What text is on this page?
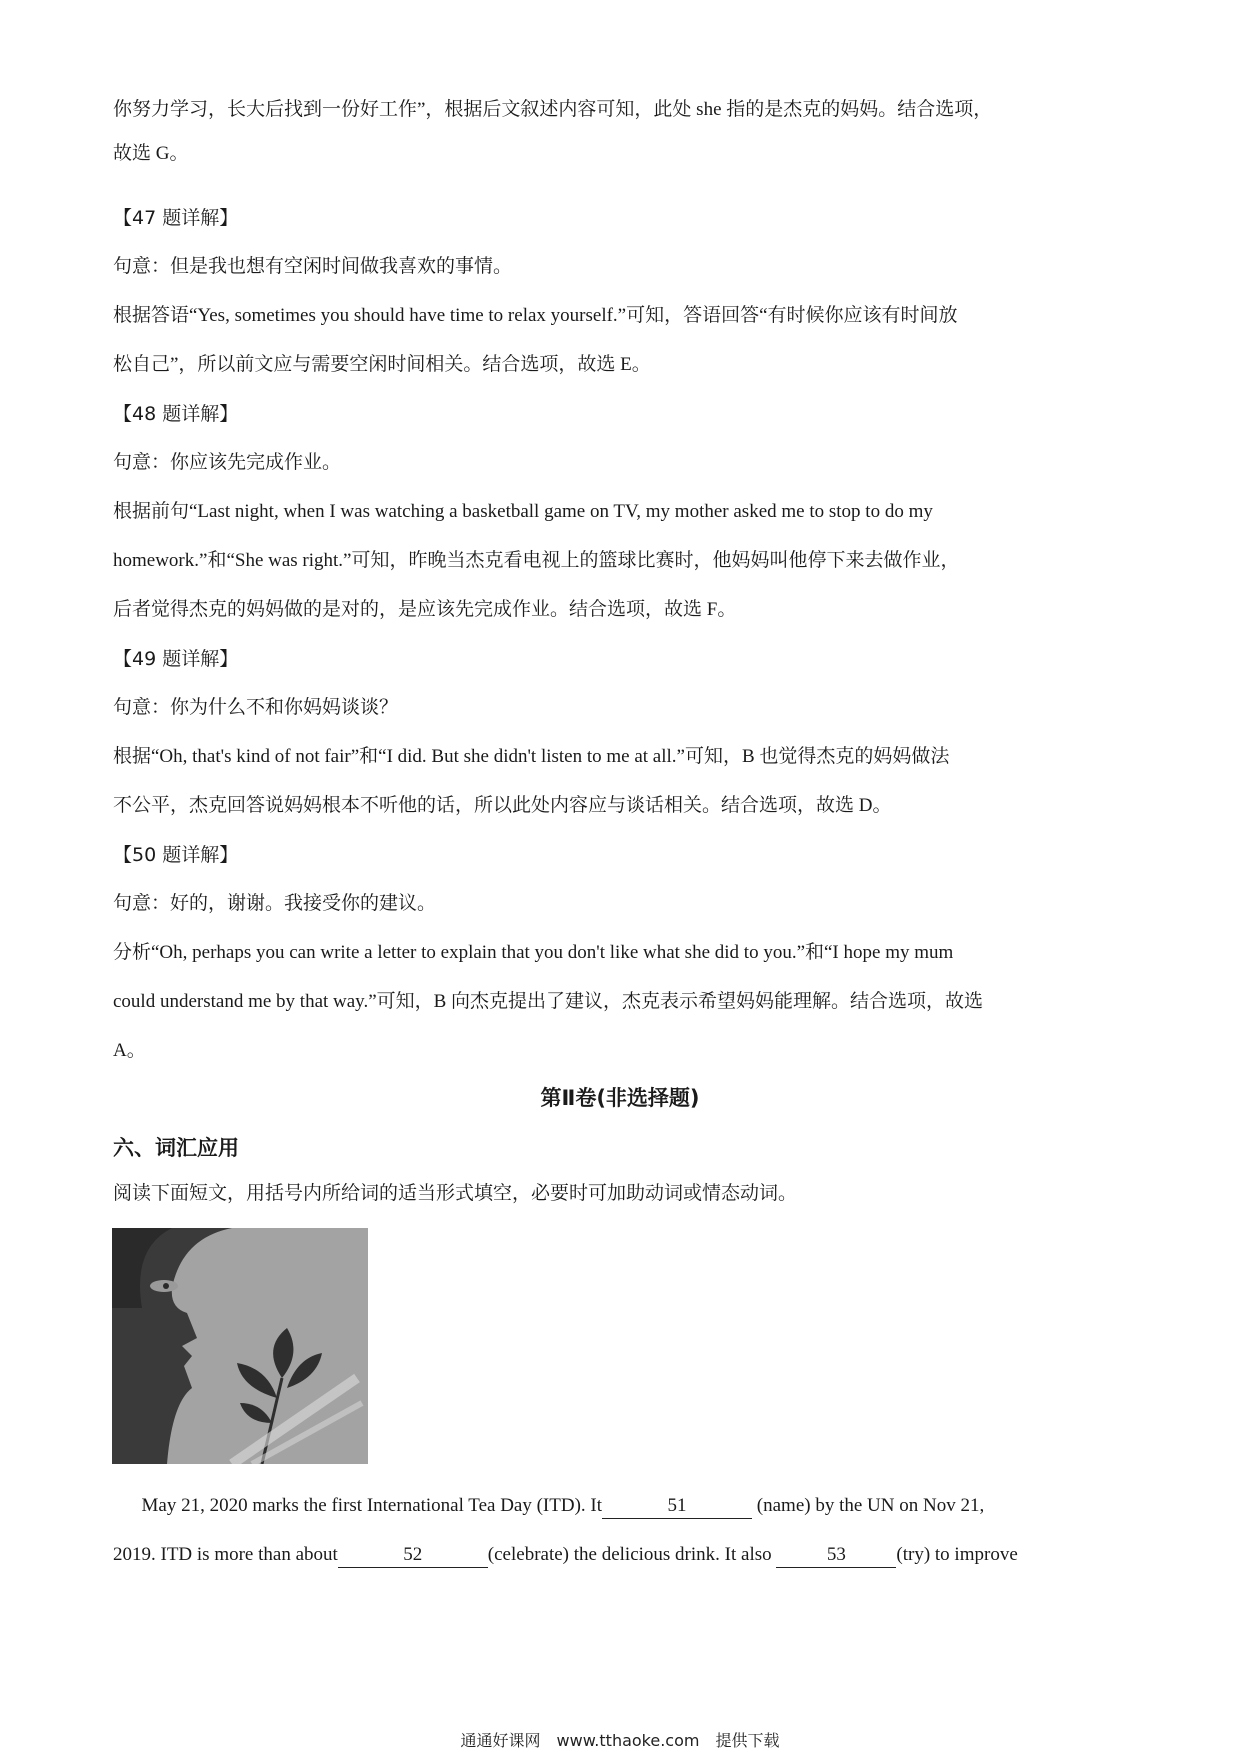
你努力学习，长大后找到一份好工作”，根据后文叙述内容可知，此处 she 指的是杰克的妈妈。结合选项，
故选 G。
【47 题详解】
句意：但是我也想有空闲时间做我喜欢的事情。
根据答语“Yes, sometimes you should have time to relax yourself.”可知，答语回答“有时候你应该有时间放
松自己”，所以前文应与需要空闲时间相关。结合选项，故选 E。
【48 题详解】
句意：你应该先完成作业。
根据前句“Last night, when I was watching a basketball game on TV, my mother asked me to stop to do my
homework.”和“She was right.”可知，昨晚当杰克看电视上的篮球比赛时，他妈妈叫他停下来去做作业，
后者觉得杰克的妈妈做的是对的，是应该先完成作业。结合选项，故选 F。
【49 题详解】
句意：你为什么不和你妈妈谈谈？
根据“Oh, that's kind of not fair”和“I did. But she didn't listen to me at all.”可知，B 也觉得杰克的妈妈做法
不公平，杰克回答说妈妈根本不听他的话，所以此处内容应与谈话相关。结合选项，故选 D。
【50 题详解】
句意：好的，谢谢。我接受你的建议。
分析“Oh, perhaps you can write a letter to explain that you don't like what she did to you.”和“I hope my mum
could understand me by that way.”可知，B 向杰克提出了建议，杰克表示希望妈妈能理解。结合选项，故选
A。
第Ⅱ卷(非选择题)
六、词汇应用
阅读下面短文，用括号内所给词的适当形式填空，必要时可加助动词或情态动词。
  May 21, 2020 marks the first International Tea Day (ITD). It	51	(name) by the UN on Nov 21,
2019. ITD is more than about	52	(celebrate) the delicious drink. It also	53	(try) to improve
通通好课网　www.tthaoke.com　提供下载
